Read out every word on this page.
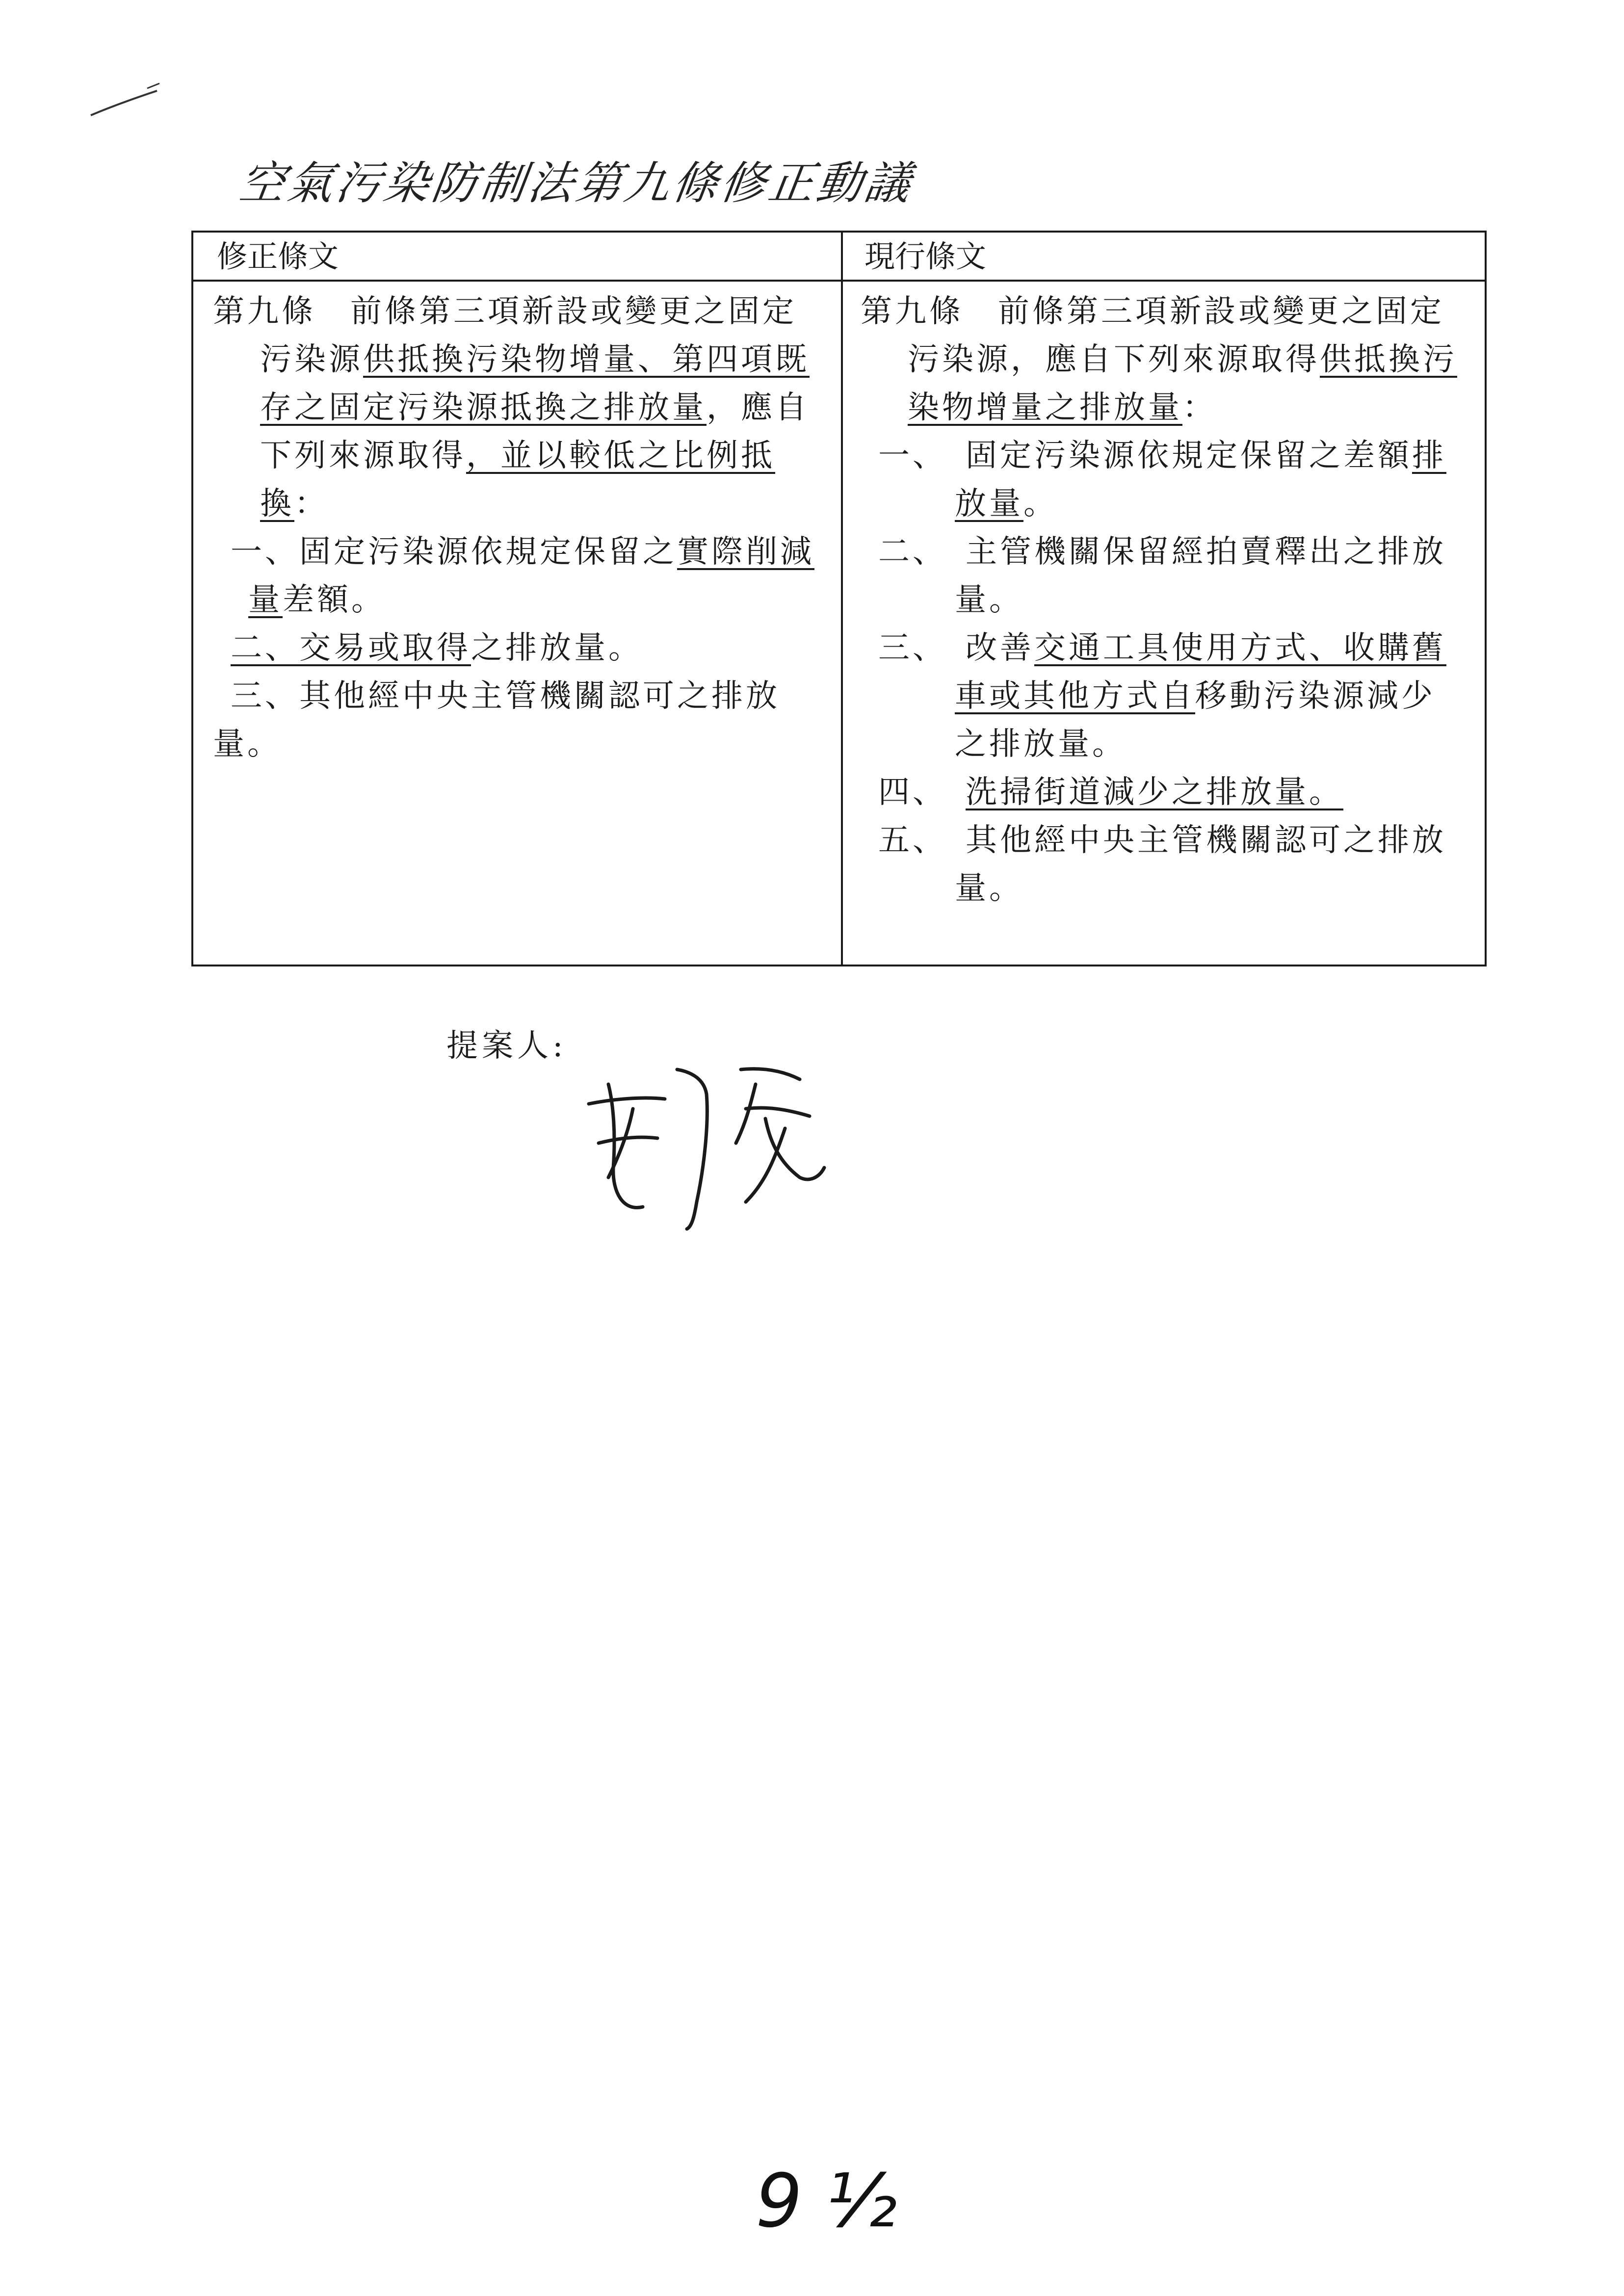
空氣污染防制法第九條修正動議
修正條文	現行條文

第九條　前條第三項新設或變更之固定污染源供抵換污染物增量、第四項既存之固定污染源抵換之排放量，應自下列來源取得，並以較低之比例抵換：

一、固定污染源依規定保留之實際削減量差額。

二、交易或取得之排放量。

三、其他經中央主管機關認可之排放量。

第九條　前條第三項新設或變更之固定污染源，應自下列來源取得供抵換污染物增量之排放量：

一、　固定污染源依規定保留之差額排放量。

二、　主管機關保留經拍賣釋出之排放量。

三、　改善交通工具使用方式、收購舊車或其他方式自移動污染源減少之排放量。

四、　洗掃街道減少之排放量。

五、　其他經中央主管機關認可之排放量。

提案人:
9 ½
